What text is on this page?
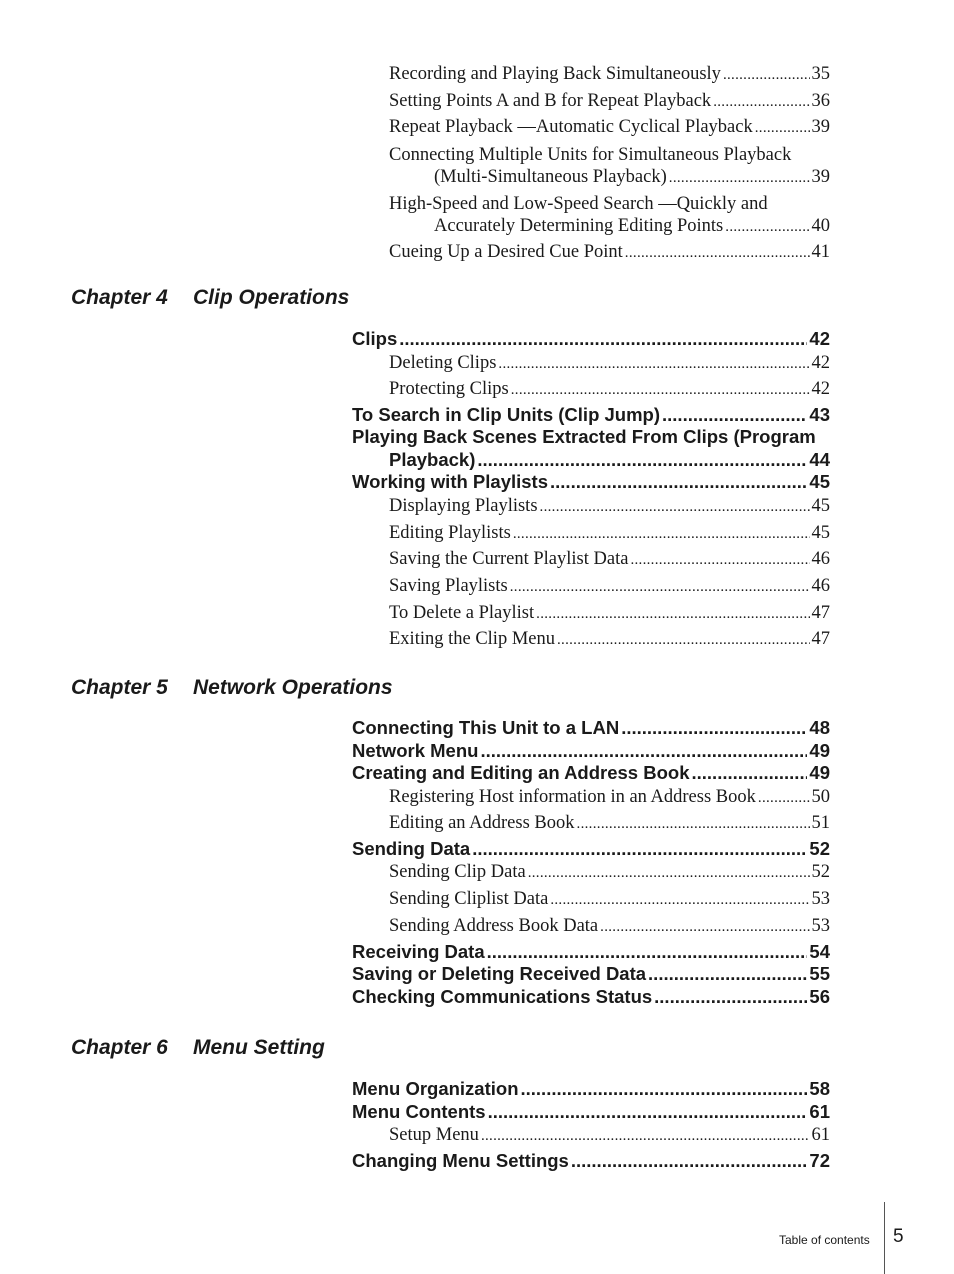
Recording and Playing Back Simultaneously .....	35
Setting Points A and B for Repeat Playback .....	36
Repeat Playback —Automatic Cyclical Playback .....	39
Connecting Multiple Units for Simultaneous Playback
(Multi-Simultaneous Playback) .....	39
High-Speed and Low-Speed Search —Quickly and
Accurately Determining Editing Points .....	40
Cueing Up a Desired Cue Point .....	41
Chapter 4 Clip Operations
Clips .....	42
Deleting Clips .....	42
Protecting Clips .....	42
To Search in Clip Units (Clip Jump) .....	43
Playing Back Scenes Extracted From Clips (Program
Playback) .....	44
Working with Playlists .....	45
Displaying Playlists .....	45
Editing Playlists .....	45
Saving the Current Playlist Data .....	46
Saving Playlists .....	46
To Delete a Playlist .....	47
Exiting the Clip Menu .....	47
Chapter 5 Network Operations
Connecting This Unit to a LAN .....	48
Network Menu .....	49
Creating and Editing an Address Book .....	49
Registering Host information in an Address Book .....	50
Editing an Address Book .....	51
Sending Data .....	52
Sending Clip Data .....	52
Sending Cliplist Data .....	53
Sending Address Book Data .....	53
Receiving Data .....	54
Saving or Deleting Received Data .....	55
Checking Communications Status .....	56
Chapter 6 Menu Setting
Menu Organization .....	58
Menu Contents .....	61
Setup Menu .....	61
Changing Menu Settings .....	72
Table of contents 5
